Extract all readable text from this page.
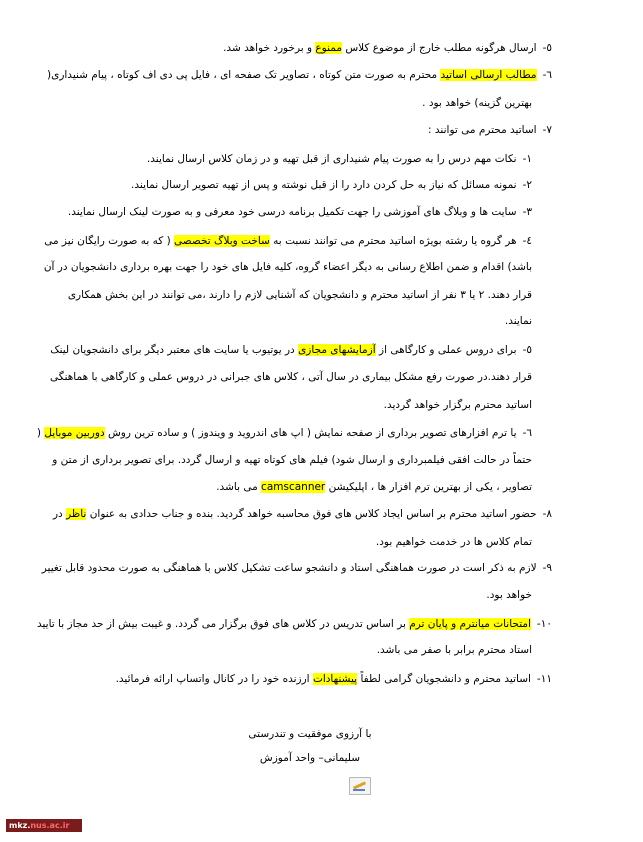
٥-ارسال هرگونه مطلب خارج از موضوع کلاس ممنوع و برخورد خواهد شد.
٦-مطالب ارسالی اساتید محترم به صورت متن کوتاه ، تصاویر تک صفحه ای ، فایل پی دی اف کوتاه ، پیام شنیداری(
بهترین گزینه) خواهد بود .
٧-اساتید محترم می توانند :
١-نکات مهم درس را به صورت پیام شنیداری از قبل تهیه و در زمان کلاس ارسال نمایند.
٢-نمونه مسائل که نیاز به حل کردن دارد را از قبل نوشته و پس از تهیه تصویر ارسال نمایند.
٣-سایت ها و وبلاگ های آموزشی را جهت تکمیل برنامه درسی خود معرفی و به صورت لینک ارسال نمایند.
٤-هر گروه یا رشته بویژه اساتید محترم می توانند نسبت به ساخت وبلاگ تخصصی ( که به صورت رایگان نیز می
باشد) اقدام و ضمن اطلاع رسانی به دیگر اعضاء گروه، کلیه فایل های خود را جهت بهره برداری دانشجویان در آن
قرار دهند. ٢ یا ٣ نفر از اساتید محترم و دانشجویان که آشنایی لازم را دارند ،می توانند در این بخش همکاری
نمایند.
٥-برای دروس عملی و کارگاهی از آزمایشهای مجازی در یوتیوب یا سایت های معتبر دیگر برای دانشجویان لینک
قرار دهند.در صورت رفع مشکل بیماری در سال آتی ، کلاس های جبرانی در دروس عملی و کارگاهی با هماهنگی
اساتید محترم برگزار خواهد گردید.
٦-یا ترم افزارهای تصویر برداری از صفحه نمایش ( اپ های اندروید و ویندوز ) و ساده ترین روش دوربین موبایل (
حتماً در حالت افقی فیلمبرداری و ارسال شود) فیلم های کوتاه تهیه و ارسال گردد. برای تصویر برداری از متن و
تصاویر ، یکی از بهترین ترم افزار ها ، اپلیکیشن camscanner می باشد.
٨-حضور اساتید محترم بر اساس ایجاد کلاس های فوق محاسبه خواهد گردید. بنده و جناب حدادی به عنوان ناظر در
تمام کلاس ها در خدمت خواهیم بود.
٩-لازم به ذکر است در صورت هماهنگی استاد و دانشجو ساعت تشکیل کلاس با هماهنگی به صورت محدود قابل تغییر
خواهد بود.
١٠-امتحانات میانترم و پایان ترم بر اساس تدریس در کلاس های فوق برگزار می گردد. و غیبت بیش از حد مجاز با تایید
استاد محترم برابر با صفر می باشد.
١١-اساتید محترم و دانشجویان گرامی لطفاً پیشنهادات ارزنده خود را در کانال واتساپ ارائه فرمائید.
با آرزوی موفقیت و تندرستی
سلیمانی– واحد آموزش
mkz.nus.ac.ir
